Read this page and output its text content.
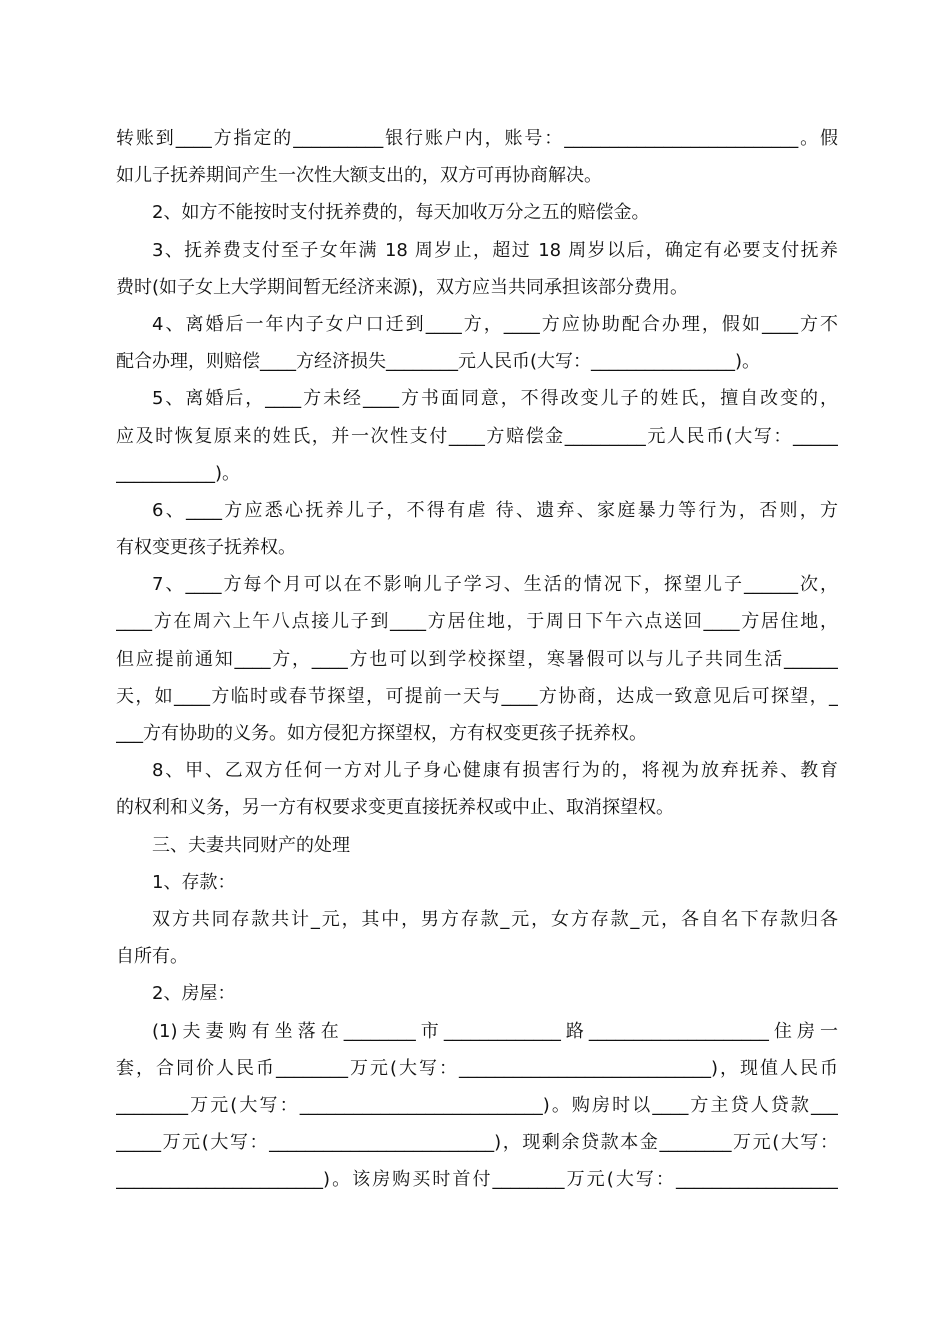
转账到____方指定的__________银行账户内，账号：__________________________。假
如儿子抚养期间产生一次性大额支出的，双方可再协商解决。
2、如方不能按时支付抚养费的，每天加收万分之五的赔偿金。
3、抚养费支付至子女年满 18 周岁止，超过 18 周岁以后，确定有必要支付抚养
费时(如子女上大学期间暂无经济来源)，双方应当共同承担该部分费用。
4、离婚后一年内子女户口迁到____方，____方应协助配合办理，假如____方不
配合办理，则赔偿____方经济损失________元人民币(大写：________________)。
5、离婚后，____方未经____方书面同意，不得改变儿子的姓氏，擅自改变的，
应及时恢复原来的姓氏，并一次性支付____方赔偿金_________元人民币(大写：_____
___________)。
6、____方应悉心抚养儿子，不得有虐 待、遗弃、家庭暴力等行为，否则，方
有权变更孩子抚养权。
7、____方每个月可以在不影响儿子学习、生活的情况下，探望儿子______次，
____方在周六上午八点接儿子到____方居住地，于周日下午六点送回____方居住地，
但应提前通知____方，____方也可以到学校探望，寒暑假可以与儿子共同生活______
天，如____方临时或春节探望，可提前一天与____方协商，达成一致意见后可探望，_
___方有协助的义务。如方侵犯方探望权，方有权变更孩子抚养权。
8、甲、乙双方任何一方对儿子身心健康有损害行为的，将视为放弃抚养、教育
的权利和义务，另一方有权要求变更直接抚养权或中止、取消探望权。
三、夫妻共同财产的处理
1、存款：
双方共同存款共计_元，其中，男方存款_元，女方存款_元，各自名下存款归各
自所有。
2、房屋：
(1)夫妻购有坐落在________市_____________路____________________住房一
套，合同价人民币________万元(大写：____________________________)，现值人民币
________万元(大写：___________________________)。购房时以____方主贷人贷款___
_____万元(大写：_________________________)，现剩余贷款本金________万元(大写：
_______________________)。该房购买时首付________万元(大写：__________________
